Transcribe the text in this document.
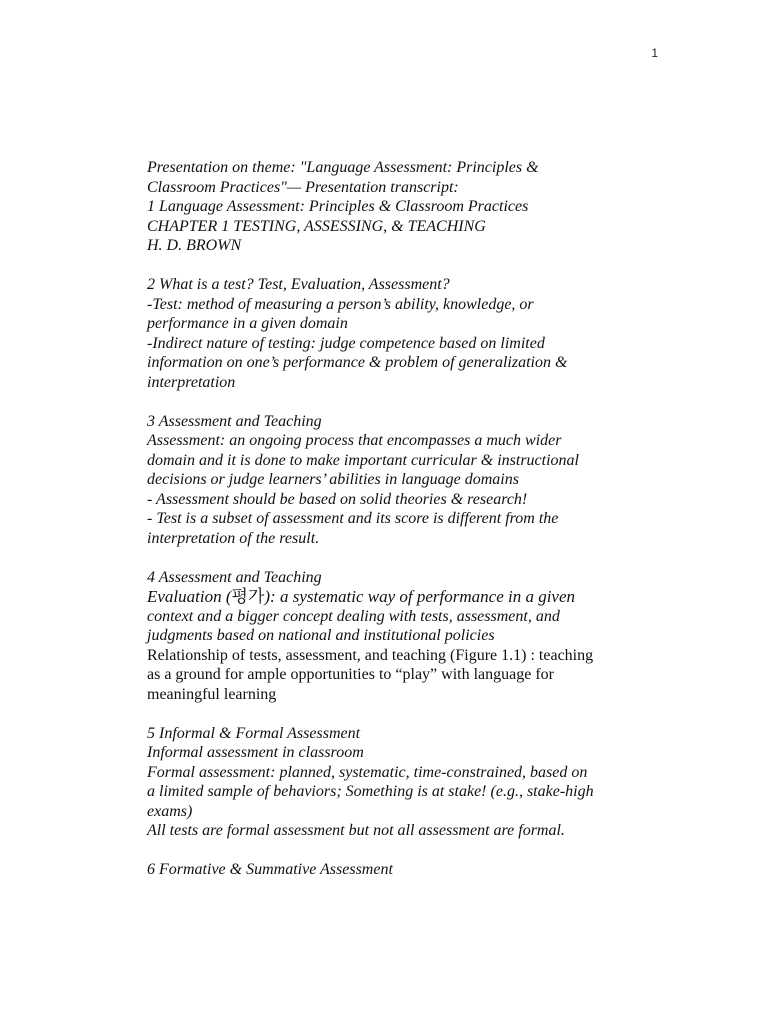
1
Presentation on theme: "Language Assessment: Principles &
Classroom Practices"— Presentation transcript:
1 Language Assessment: Principles & Classroom Practices
CHAPTER 1 TESTING, ASSESSING, & TEACHING
H. D. BROWN
2 What is a test? Test, Evaluation, Assessment?
-Test: method of measuring a person’s ability, knowledge, or
performance in a given domain
-Indirect nature of testing: judge competence based on limited
information on one’s performance & problem of generalization &
interpretation
3 Assessment and Teaching
Assessment: an ongoing process that encompasses a much wider
domain and it is done to make important curricular & instructional
decisions or judge learners’ abilities in language domains
- Assessment should be based on solid theories & research!
- Test is a subset of assessment and its score is different from the
interpretation of the result.
4 Assessment and Teaching
Evaluation (평가): a systematic way of performance in a given
context and a bigger concept dealing with tests, assessment, and
judgments based on national and institutional policies
Relationship of tests, assessment, and teaching (Figure 1.1) : teaching
as a ground for ample opportunities to “play” with language for
meaningful learning
5 Informal & Formal Assessment
Informal assessment in classroom
Formal assessment: planned, systematic, time-constrained, based on
a limited sample of behaviors; Something is at stake! (e.g., stake-high
exams)
All tests are formal assessment but not all assessment are formal.
6 Formative & Summative Assessment
